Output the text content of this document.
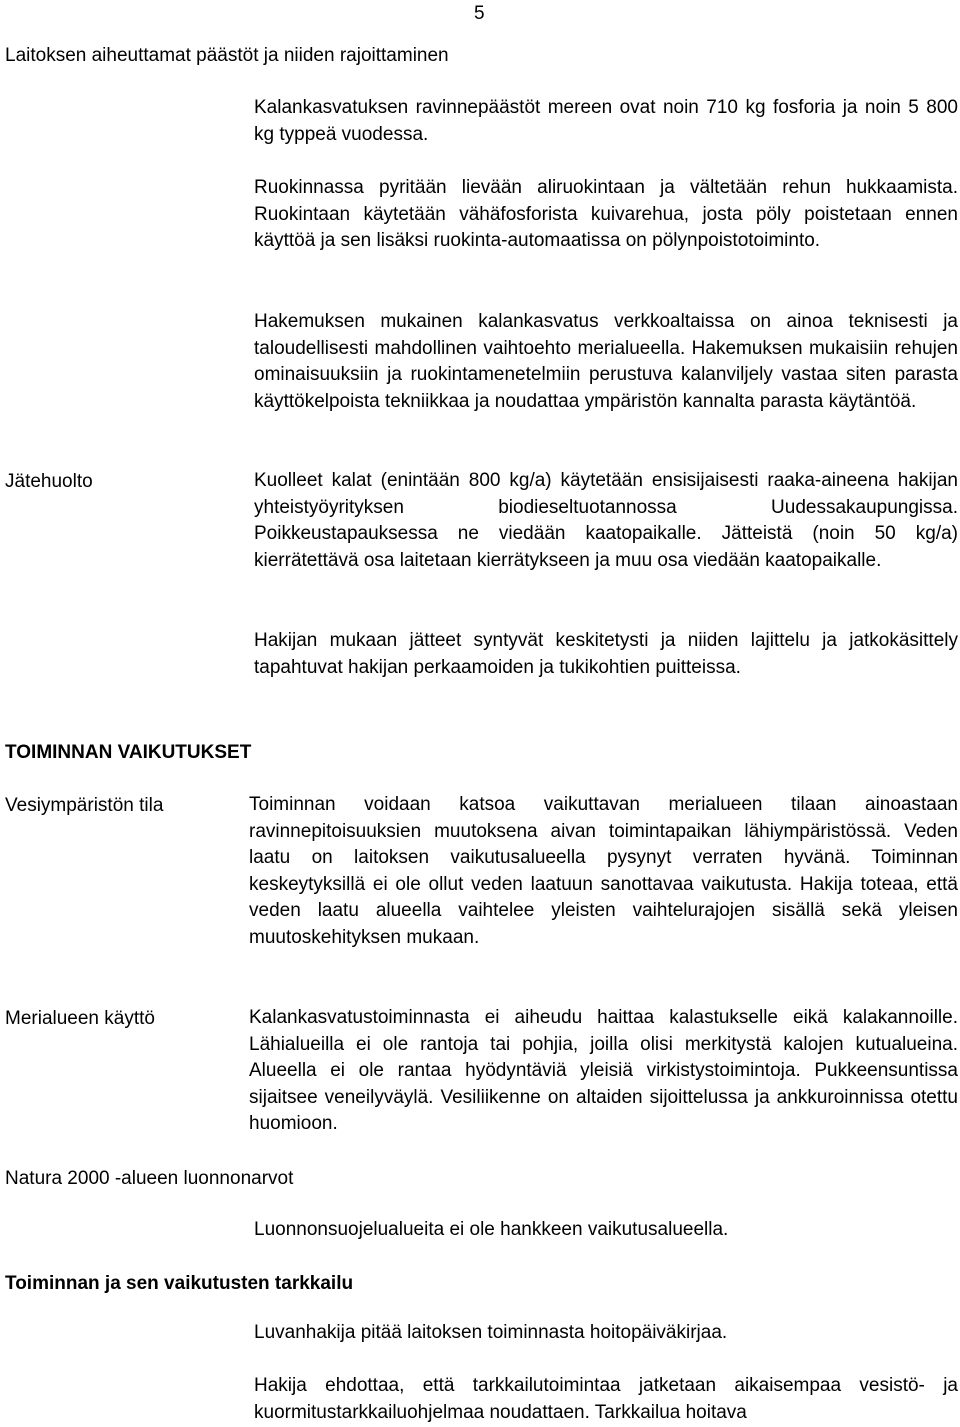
5
Laitoksen aiheuttamat päästöt ja niiden rajoittaminen

Kalankasvatuksen ravinnepäästöt mereen ovat noin 710 kg fosforia ja noin 5 800 kg typpeä vuodessa.

Ruokinnassa pyritään lievään aliruokintaan ja vältetään rehun hukkaamista. Ruokintaan käytetään vähäfosforista kuivarehua, josta pöly poistetaan ennen käyttöä ja sen lisäksi ruokinta-automaatissa on pölynpoistotoiminto.

Hakemuksen mukainen kalankasvatus verkkoaltaissa on ainoa teknisesti ja taloudellisesti mahdollinen vaihtoehto merialueella. Hakemuksen mukaisiin rehujen ominaisuuksiin ja ruokintamenetelmiin perustuva kalanviljely vastaa siten parasta käyttökelpoista tekniikkaa ja noudattaa ympäristön kannalta parasta käytäntöä.

Jätehuolto	Kuolleet kalat (enintään 800 kg/a) käytetään ensisijaisesti raaka-aineena hakijan yhteistyöyrityksen biodieseltuotannossa Uudessakaupungissa. Poikkeustapauksessa ne viedään kaatopaikalle. Jätteistä (noin 50 kg/a) kierrätettävä osa laitetaan kierrätykseen ja muu osa viedään kaatopaikalle.

Hakijan mukaan jätteet syntyvät keskitetysti ja niiden lajittelu ja jatkokäsittely tapahtuvat hakijan perkaamoiden ja tukikohtien puitteissa.

TOIMINNAN VAIKUTUKSET
Vesiympäristön tila	Toiminnan voidaan katsoa vaikuttavan merialueen tilaan ainoastaan ravinnepitoisuuksien muutoksena aivan toimintapaikan lähiympäristössä. Veden laatu on laitoksen vaikutusalueella pysynyt verraten hyvänä. Toiminnan keskeytyksillä ei ole ollut veden laatuun sanottavaa vaikutusta. Hakija toteaa, että veden laatu alueella vaihtelee yleisten vaihtelurajojen sisällä sekä yleisen muutoskehityksen mukaan.

Merialueen käyttö	Kalankasvatustoiminnasta ei aiheudu haittaa kalastukselle eikä kalakannoille. Lähialueilla ei ole rantoja tai pohjia, joilla olisi merkitystä kalojen kutualueina. Alueella ei ole rantaa hyödyntäviä yleisiä virkistystoimintoja. Pukkeensuntissa sijaitsee veneilyväylä. Vesiliikenne on altaiden sijoittelussa ja ankkuroinnissa otettu huomioon.

Natura 2000 -alueen luonnonarvot

Luonnonsuojelualueita ei ole hankkeen vaikutusalueella.

Toiminnan ja sen vaikutusten tarkkailu

Luvanhakija pitää laitoksen toiminnasta hoitopäiväkirjaa.

Hakija ehdottaa, että tarkkailutoimintaa jatketaan aikaisempaa vesistö- ja kuormitustarkkailuohjelmaa noudattaen. Tarkkailua hoitava
